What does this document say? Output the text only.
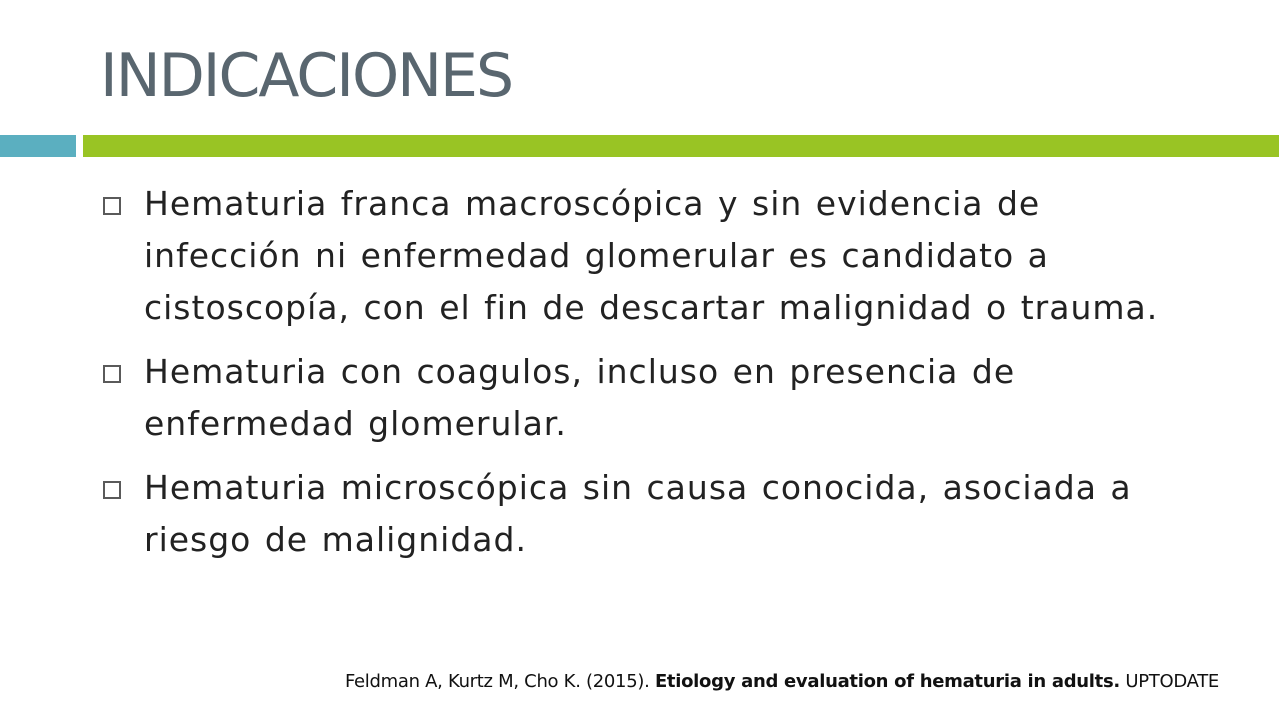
INDICACIONES
Hematuria franca macroscópica y sin evidencia de infección ni enfermedad glomerular es candidato a cistoscopía, con el fin de descartar malignidad o trauma.
Hematuria con coagulos, incluso en presencia de enfermedad glomerular.
Hematuria microscópica sin causa conocida, asociada a riesgo de malignidad.
Feldman A, Kurtz M, Cho K. (2015). Etiology and evaluation of hematuria in adults. UPTODATE
